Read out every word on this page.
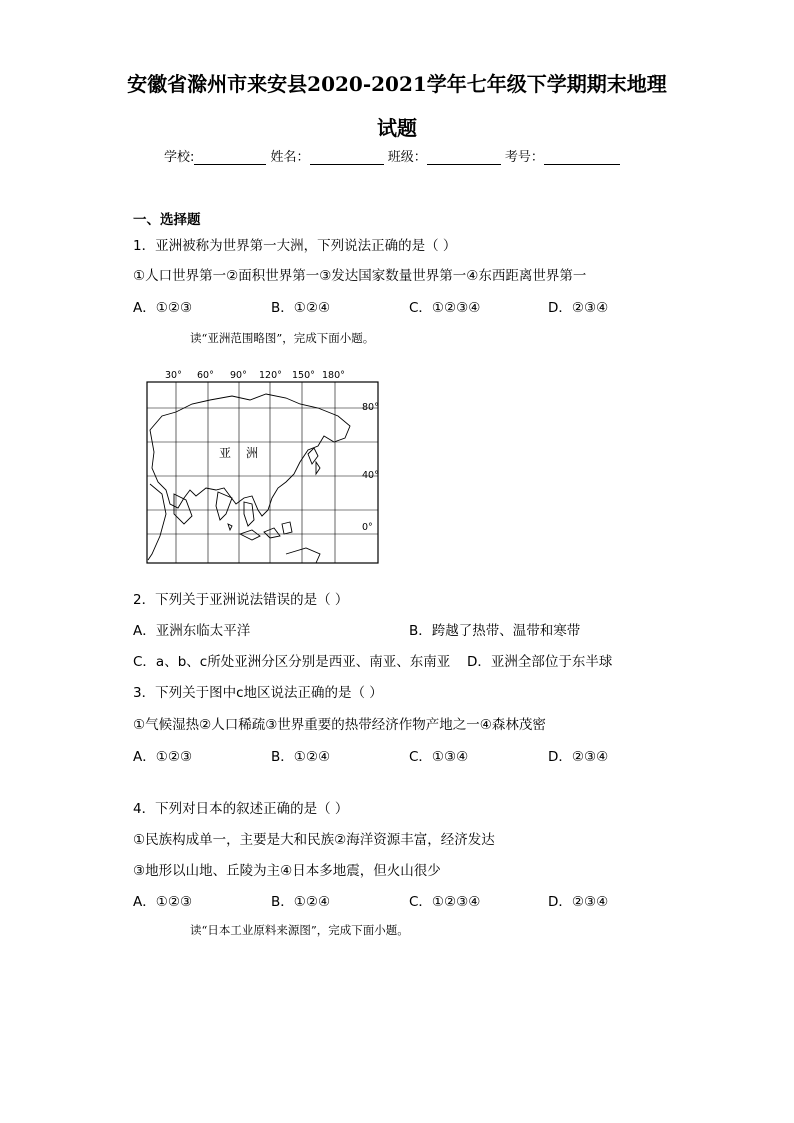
安徽省滁州市来安县2020-2021学年七年级下学期期末地理
试题
学校:	姓名：	班级：	考号：
一、选择题
1．亚洲被称为世界第一大洲，下列说法正确的是（ ）
①人口世界第一②面积世界第一③发达国家数量世界第一④东西距离世界第一
A．①②③	B．①②④	C．①②③④	D．②③④
读“亚洲范围略图”，完成下面小题。
30° 60° 90° 120° 150° 180°
80°
40°
0°
亚 洲
2．下列关于亚洲说法错误的是（ ）
A．亚洲东临太平洋	B．跨越了热带、温带和寒带
C．a、b、c所处亚洲分区分别是西亚、南亚、东南亚 D．亚洲全部位于东半球
3．下列关于图中c地区说法正确的是（ ）
①气候湿热②人口稀疏③世界重要的热带经济作物产地之一④森林茂密
A．①②③	B．①②④	C．①③④	D．②③④
4．下列对日本的叙述正确的是（ ）
①民族构成单一，主要是大和民族②海洋资源丰富，经济发达
③地形以山地、丘陵为主④日本多地震，但火山很少
A．①②③	B．①②④	C．①②③④	D．②③④
读“日本工业原料来源图”，完成下面小题。
